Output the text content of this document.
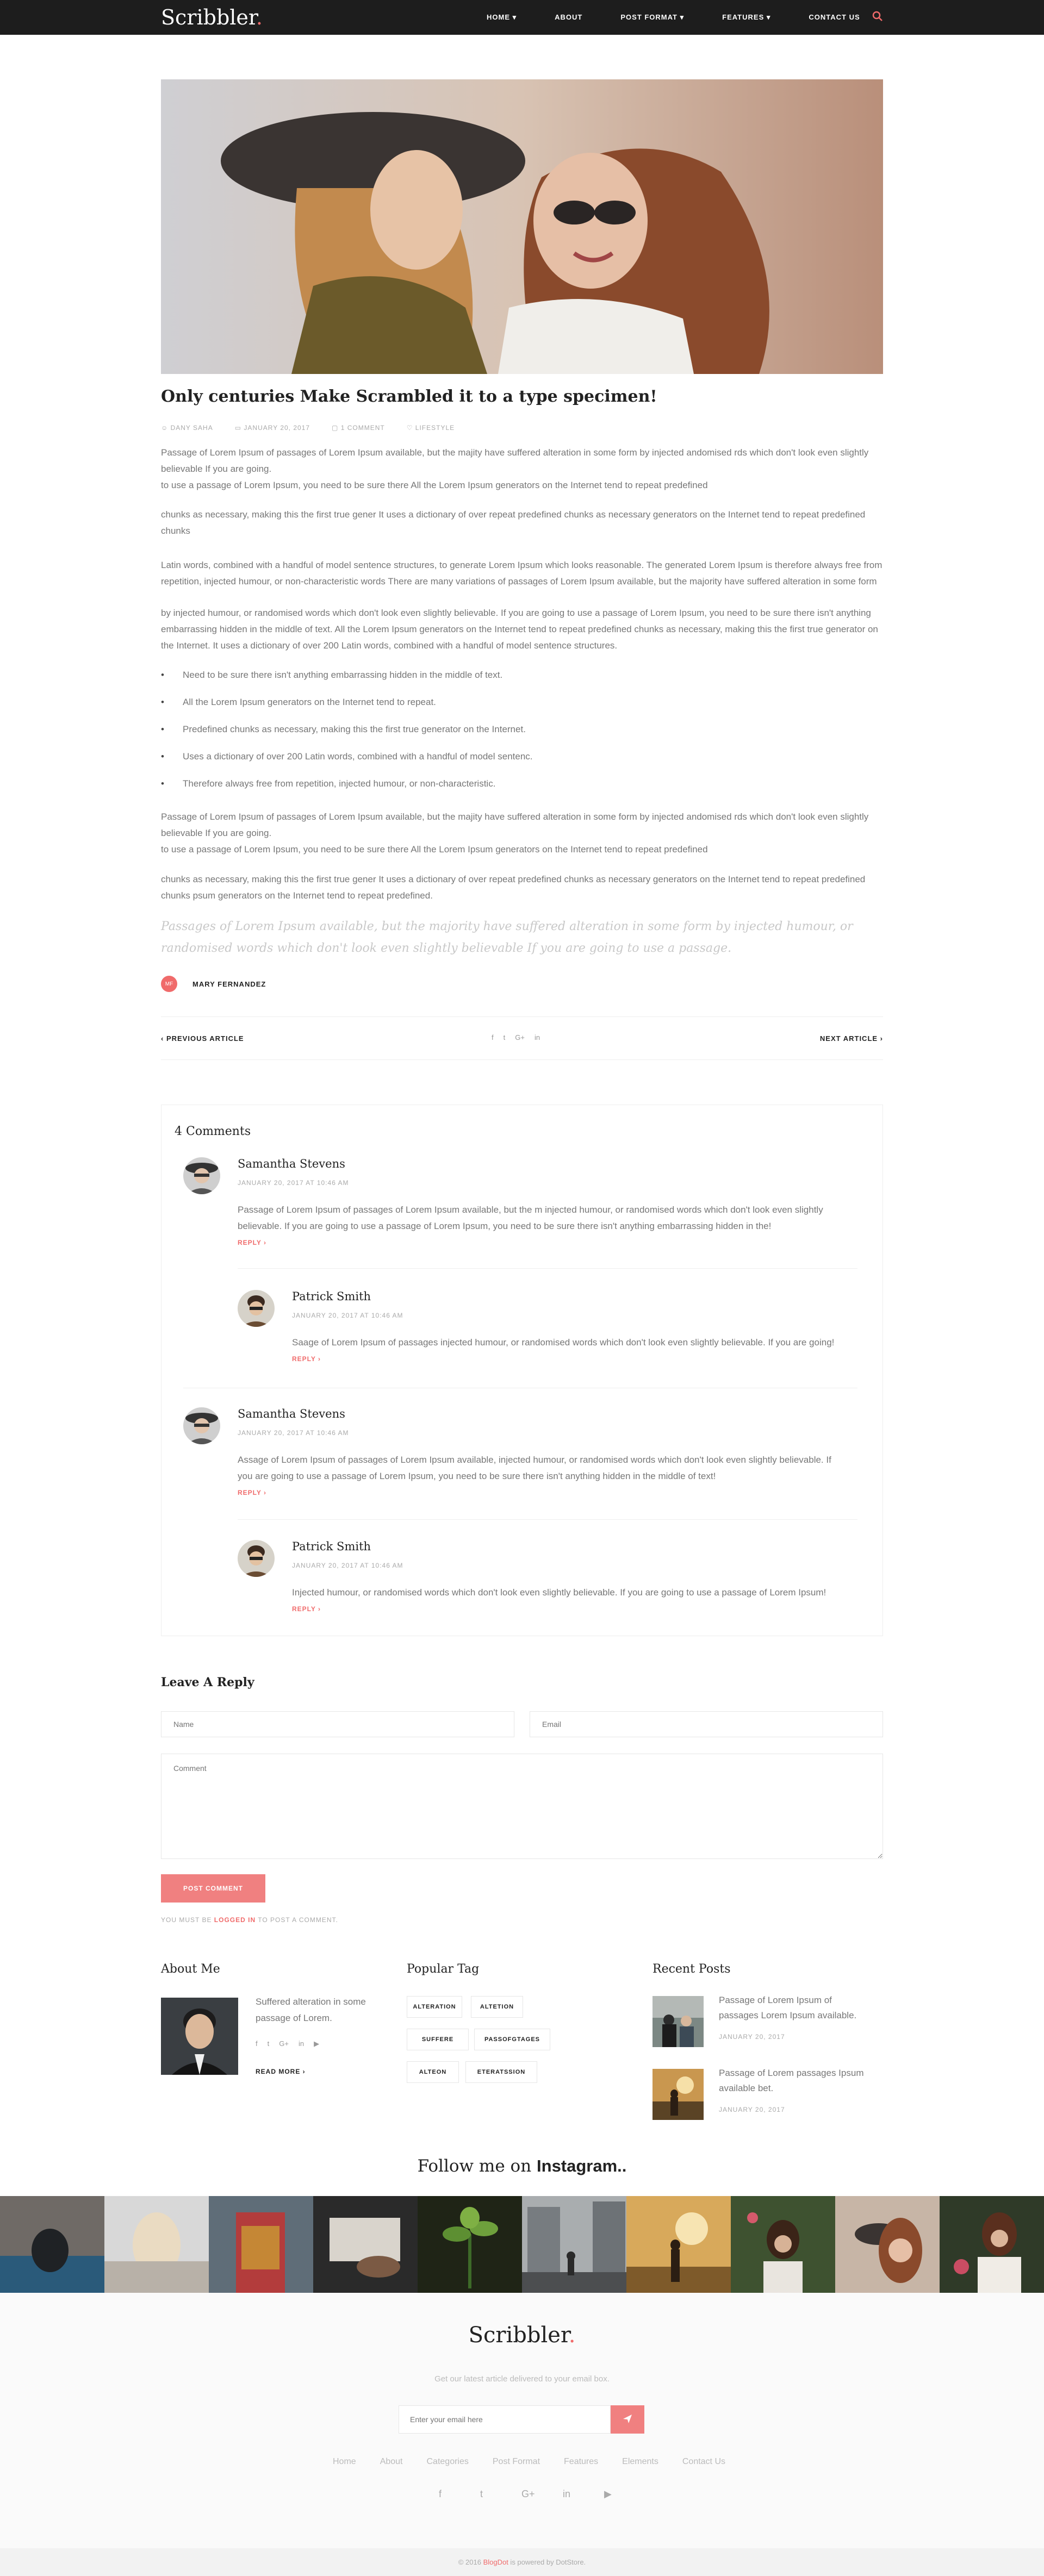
Scribbler.	HOME ▾	ABOUT	POST FORMAT ▾	FEATURES ▾	CONTACT US
Only centuries Make Scrambled it to a type specimen!
☺ DANY SAHA	▭ JANUARY 20, 2017	▢ 1 COMMENT	♡ LIFESTYLE

Passage of Lorem Ipsum of passages of Lorem Ipsum available, but the majity have suffered alteration in some form by injected andomised rds which don't look even slightly believable If you are going.
to use a passage of Lorem Ipsum, you need to be sure there All the Lorem Ipsum generators on the Internet tend to repeat predefined

chunks as necessary, making this the first true gener It uses a dictionary of over repeat predefined chunks as necessary generators on the Internet tend to repeat predefined chunks

Latin words, combined with a handful of model sentence structures, to generate Lorem Ipsum which looks reasonable. The generated Lorem Ipsum is therefore always free from repetition, injected humour, or non-characteristic words There are many variations of passages of Lorem Ipsum available, but the majority have suffered alteration in some form

by injected humour, or randomised words which don't look even slightly believable. If you are going to use a passage of Lorem Ipsum, you need to be sure there isn't anything embarrassing hidden in the middle of text. All the Lorem Ipsum generators on the Internet tend to repeat predefined chunks as necessary, making this the first true generator on the Internet. It uses a dictionary of over 200 Latin words, combined with a handful of model sentence structures.

• Need to be sure there isn't anything embarrassing hidden in the middle of text.
• All the Lorem Ipsum generators on the Internet tend to repeat.
• Predefined chunks as necessary, making this the first true generator on the Internet.
• Uses a dictionary of over 200 Latin words, combined with a handful of model sentenc.
• Therefore always free from repetition, injected humour, or non-characteristic.

Passage of Lorem Ipsum of passages of Lorem Ipsum available, but the majity have suffered alteration in some form by injected andomised rds which don't look even slightly believable If you are going.
to use a passage of Lorem Ipsum, you need to be sure there All the Lorem Ipsum generators on the Internet tend to repeat predefined

chunks as necessary, making this the first true gener It uses a dictionary of over repeat predefined chunks as necessary generators on the Internet tend to repeat predefined chunks psum generators on the Internet tend to repeat predefined.

Passages of Lorem Ipsum available, but the majority have suffered alteration in some form by injected humour, or randomised words which don't look even slightly believable If you are going to use a passage.

MF	MARY FERNANDEZ
‹ PREVIOUS ARTICLE	f t G+ in	NEXT ARTICLE ›
4 Comments
Samantha Stevens
JANUARY 20, 2017 AT 10:46 AM
Passage of Lorem Ipsum of passages of Lorem Ipsum available, but the m injected humour, or randomised words which don't look even slightly believable. If you are going to use a passage of Lorem Ipsum, you need to be sure there isn't anything embarrassing hidden in the!
REPLY ›
Patrick Smith
JANUARY 20, 2017 AT 10:46 AM
Saage of Lorem Ipsum of passages injected humour, or randomised words which don't look even slightly believable. If you are going!
REPLY ›
Samantha Stevens
JANUARY 20, 2017 AT 10:46 AM
Assage of Lorem Ipsum of passages of Lorem Ipsum available, injected humour, or randomised words which don't look even slightly believable. If you are going to use a passage of Lorem Ipsum, you need to be sure there isn't anything hidden in the middle of text!
REPLY ›
Patrick Smith
JANUARY 20, 2017 AT 10:46 AM
Injected humour, or randomised words which don't look even slightly believable. If you are going to use a passage of Lorem Ipsum!
REPLY ›
Leave A Reply
Name
Email
Comment
POST COMMENT
YOU MUST BE LOGGED IN TO POST A COMMENT.
About Me

Suffered alteration in some passage of Lorem.

f t G+ in ▶
READ MORE ›
Popular Tag
ALTERATION	ALTETION
SUFFERE	PASSOFGTAGES
ALTEON	ETERATSSION
Recent Posts

Passage of Lorem Ipsum of passages Lorem Ipsum available.

JANUARY 20, 2017

Passage of Lorem passages Ipsum available bet.

JANUARY 20, 2017
Follow me on Instagram..
Scribbler.
Get our latest article delivered to your email box.
Enter your email here
Home	About	Categories	Post Format	Features	Elements	Contact Us
f	t	G+	in	▶
© 2016 BlogDot is powered by DotStore.
